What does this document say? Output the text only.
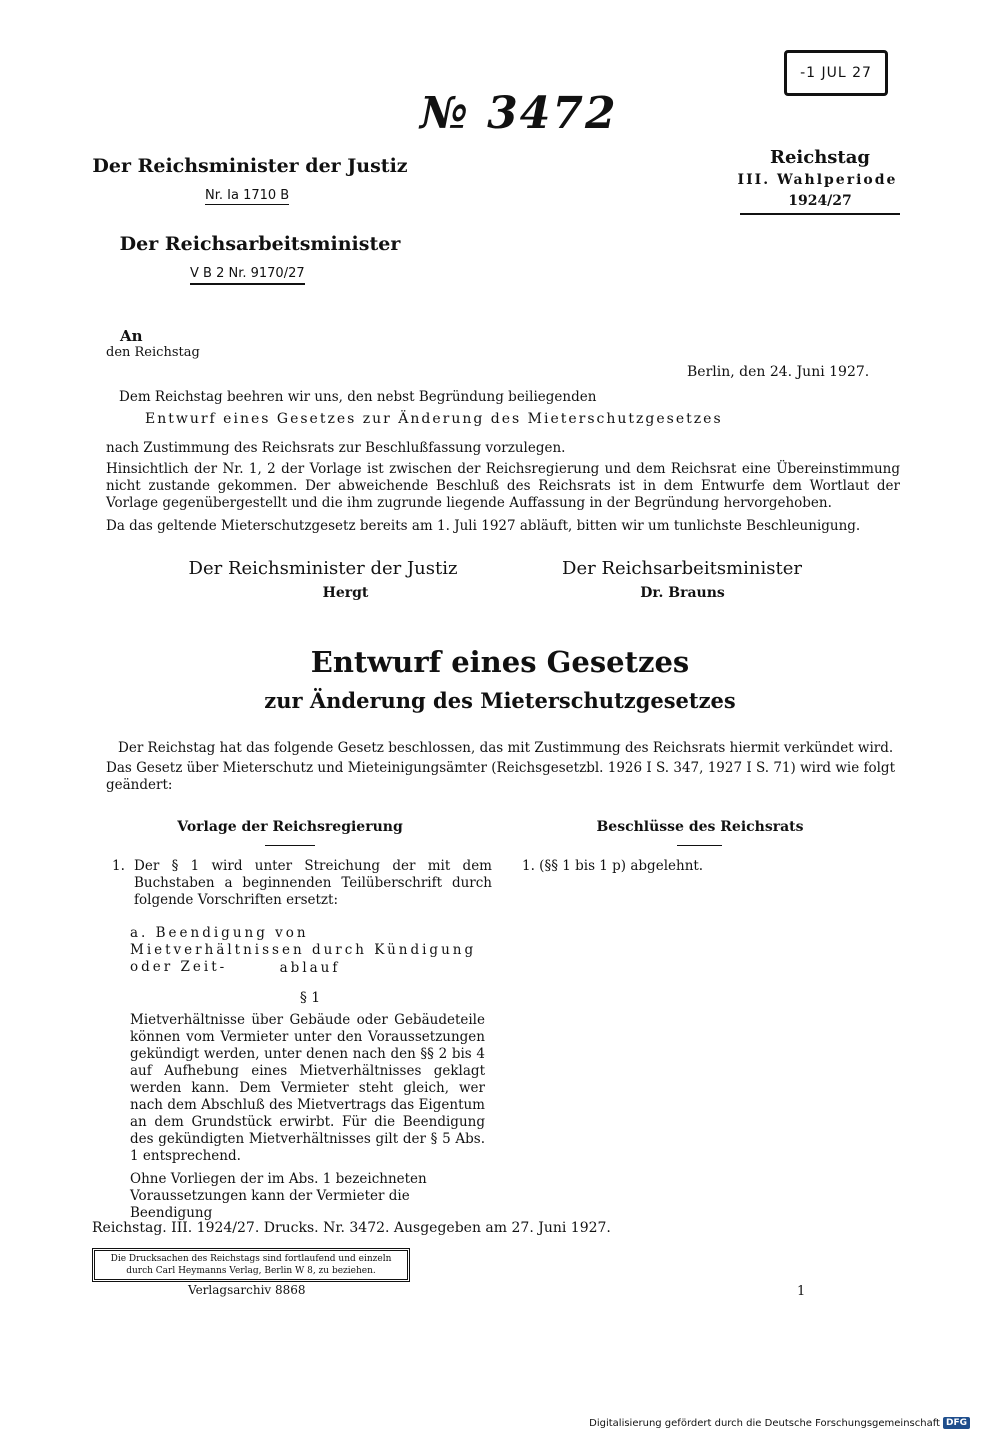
-1 JUL 27
№ 3472
Der Reichsminister der Justiz
Nr. Ia 1710 B
Der Reichsarbeitsminister
V B 2 Nr. 9170/27
Reichstag
III. Wahlperiode
1924/27
An
den Reichstag
Berlin, den 24. Juni 1927.
Dem Reichstag beehren wir uns, den nebst Begründung beiliegenden
Entwurf eines Gesetzes zur Änderung des Mieterschutzgesetzes
nach Zustimmung des Reichsrats zur Beschlußfassung vorzulegen.
Hinsichtlich der Nr. 1, 2 der Vorlage ist zwischen der Reichsregierung und dem Reichsrat eine Übereinstimmung nicht zustande gekommen. Der abweichende Beschluß des Reichsrats ist in dem Entwurfe dem Wortlaut der Vorlage gegenübergestellt und die ihm zugrunde liegende Auffassung in der Begründung hervorgehoben.
Da das geltende Mieterschutzgesetz bereits am 1. Juli 1927 abläuft, bitten wir um tunlichste Beschleunigung.
Der Reichsminister der Justiz
Hergt
Der Reichsarbeitsminister
Dr. Brauns
Entwurf eines Gesetzes
zur Änderung des Mieterschutzgesetzes
Der Reichstag hat das folgende Gesetz beschlossen, das mit Zustimmung des Reichsrats hiermit verkündet wird.
Das Gesetz über Mieterschutz und Mieteinigungsämter (Reichsgesetzbl. 1926 I S. 347, 1927 I S. 71) wird wie folgt geändert:
Vorlage der Reichsregierung	Beschlüsse des Reichsrats
1. Der § 1 wird unter Streichung der mit dem Buchstaben a beginnenden Teilüberschrift durch folgende Vorschriften ersetzt:
1. (§§ 1 bis 1 p) abgelehnt.
a. Beendigung von Mietverhältnissen durch Kündigung oder Zeit-	ablauf
§ 1
Mietverhältnisse über Gebäude oder Gebäudeteile können vom Vermieter unter den Voraussetzungen gekündigt werden, unter denen nach den §§ 2 bis 4 auf Aufhebung eines Mietverhältnisses geklagt werden kann. Dem Vermieter steht gleich, wer nach dem Abschluß des Mietvertrags das Eigentum an dem Grundstück erwirbt. Für die Beendigung des gekündigten Mietverhältnisses gilt der § 5 Abs. 1 entsprechend.
Ohne Vorliegen der im Abs. 1 bezeichneten Voraussetzungen kann der Vermieter die Beendigung
Reichstag. III. 1924/27. Drucks. Nr. 3472. Ausgegeben am 27. Juni 1927.
Die Drucksachen des Reichstags sind fortlaufend und einzeln durch Carl Heymanns Verlag, Berlin W 8, zu beziehen.
Verlagsarchiv 8868	1
Digitalisierung gefördert durch die Deutsche Forschungsgemeinschaft DFG
